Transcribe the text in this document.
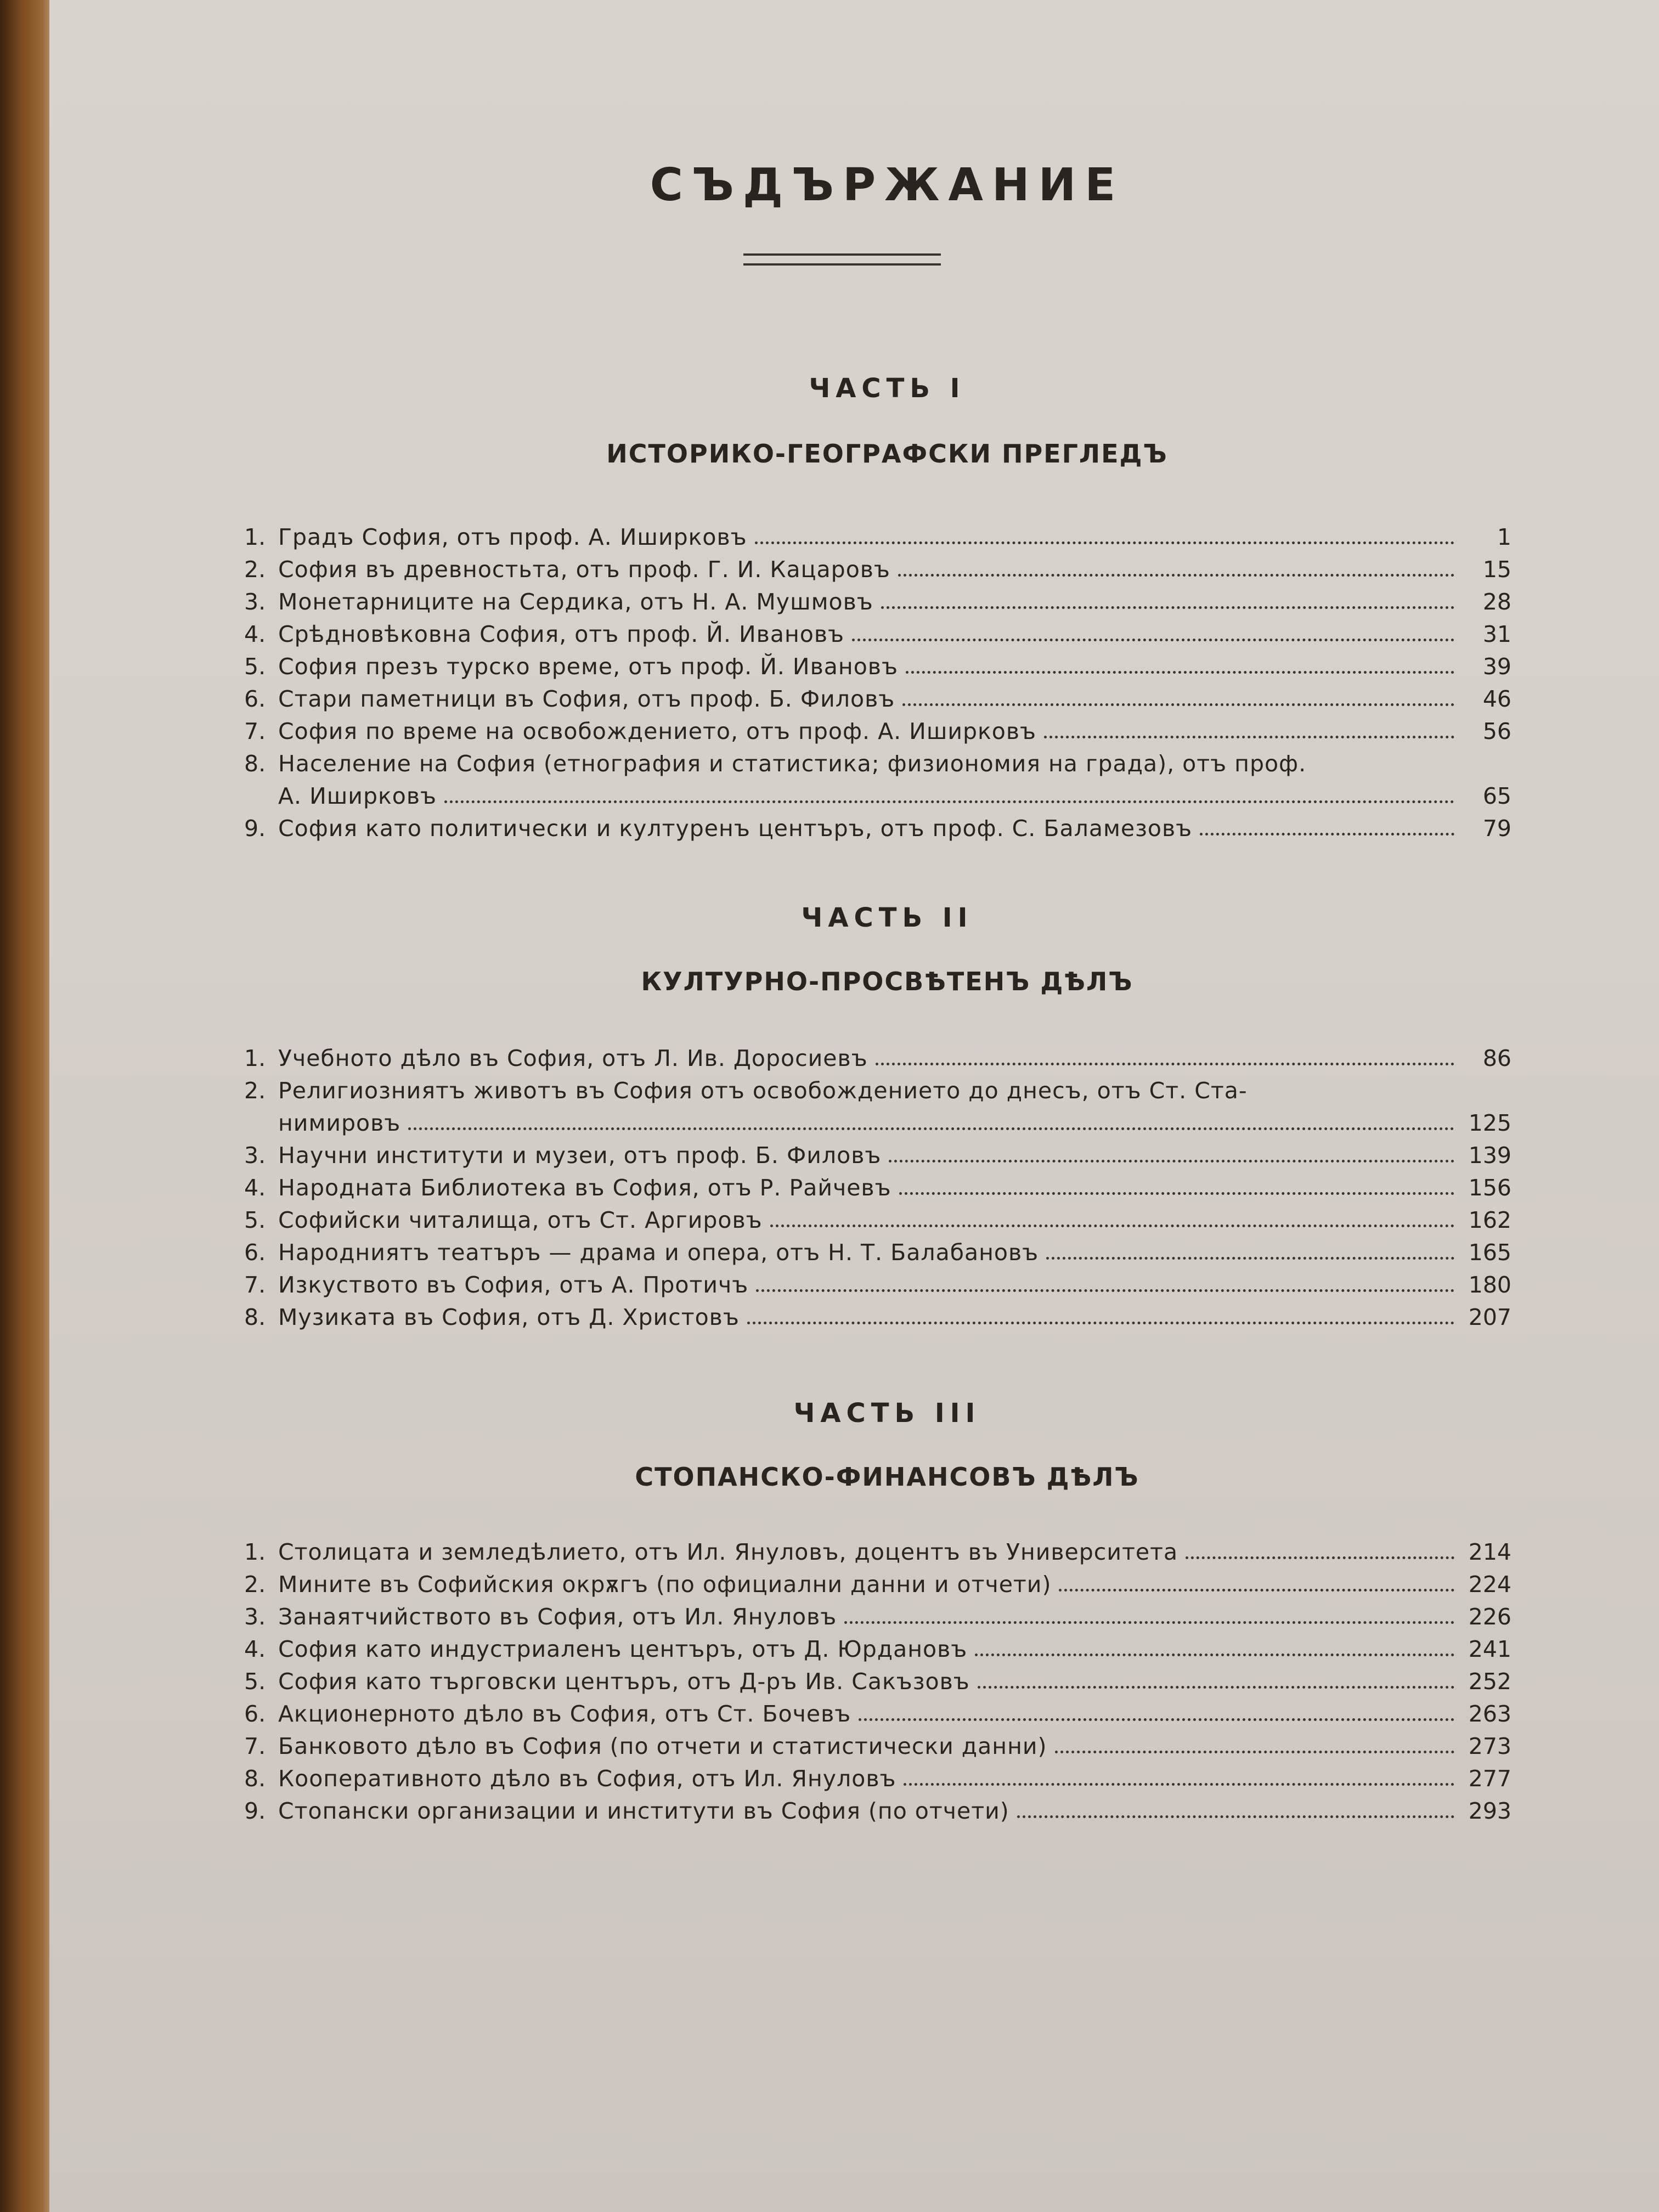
СЪДЪРЖАНИЕ
ЧАСТЬ I
ИСТОРИКО-ГЕОГРАФСКИ ПРЕГЛЕДЪ
1. Градъ София, отъ проф. А. Иширковъ	1
2. София въ древностьта, отъ проф. Г. И. Кацаровъ	15
3. Монетарниците на Сердика, отъ Н. А. Мушмовъ	28
4. Срѣдновѣковна София, отъ проф. Й. Ивановъ	31
5. София презъ турско време, отъ проф. Й. Ивановъ	39
6. Стари паметници въ София, отъ проф. Б. Филовъ	46
7. София по време на освобождението, отъ проф. А. Иширковъ	56
8. Население на София (етнография и статистика; физиономия на града), отъ проф.
А. Иширковъ	65
9. София като политически и културенъ центъръ, отъ проф. С. Баламезовъ	79
ЧАСТЬ II
КУЛТУРНО-ПРОСВѢТЕНЪ ДѢЛЪ
1. Учебното дѣло въ София, отъ Л. Ив. Доросиевъ	86
2. Религиозниятъ животъ въ София отъ освобождението до днесъ, отъ Ст. Ста-
нимировъ	125
3. Научни институти и музеи, отъ проф. Б. Филовъ	139
4. Народната Библиотека въ София, отъ Р. Райчевъ	156
5. Софийски читалища, отъ Ст. Аргировъ	162
6. Народниятъ театъръ — драма и опера, отъ Н. Т. Балабановъ	165
7. Изкуството въ София, отъ А. Протичъ	180
8. Музиката въ София, отъ Д. Христовъ	207
ЧАСТЬ III
СТОПАНСКО-ФИНАНСОВЪ ДѢЛЪ
1. Столицата и земледѣлието, отъ Ил. Януловъ, доцентъ въ Университета	214
2. Мините въ Софийския окрѫгъ (по официални данни и отчети)	224
3. Занаятчийството въ София, отъ Ил. Януловъ	226
4. София като индустриаленъ центъръ, отъ Д. Юрдановъ	241
5. София като търговски центъръ, отъ Д-ръ Ив. Сакъзовъ	252
6. Акционерното дѣло въ София, отъ Ст. Бочевъ	263
7. Банковото дѣло въ София (по отчети и статистически данни)	273
8. Кооперативното дѣло въ София, отъ Ил. Януловъ	277
9. Стопански организации и институти въ София (по отчети)	293
